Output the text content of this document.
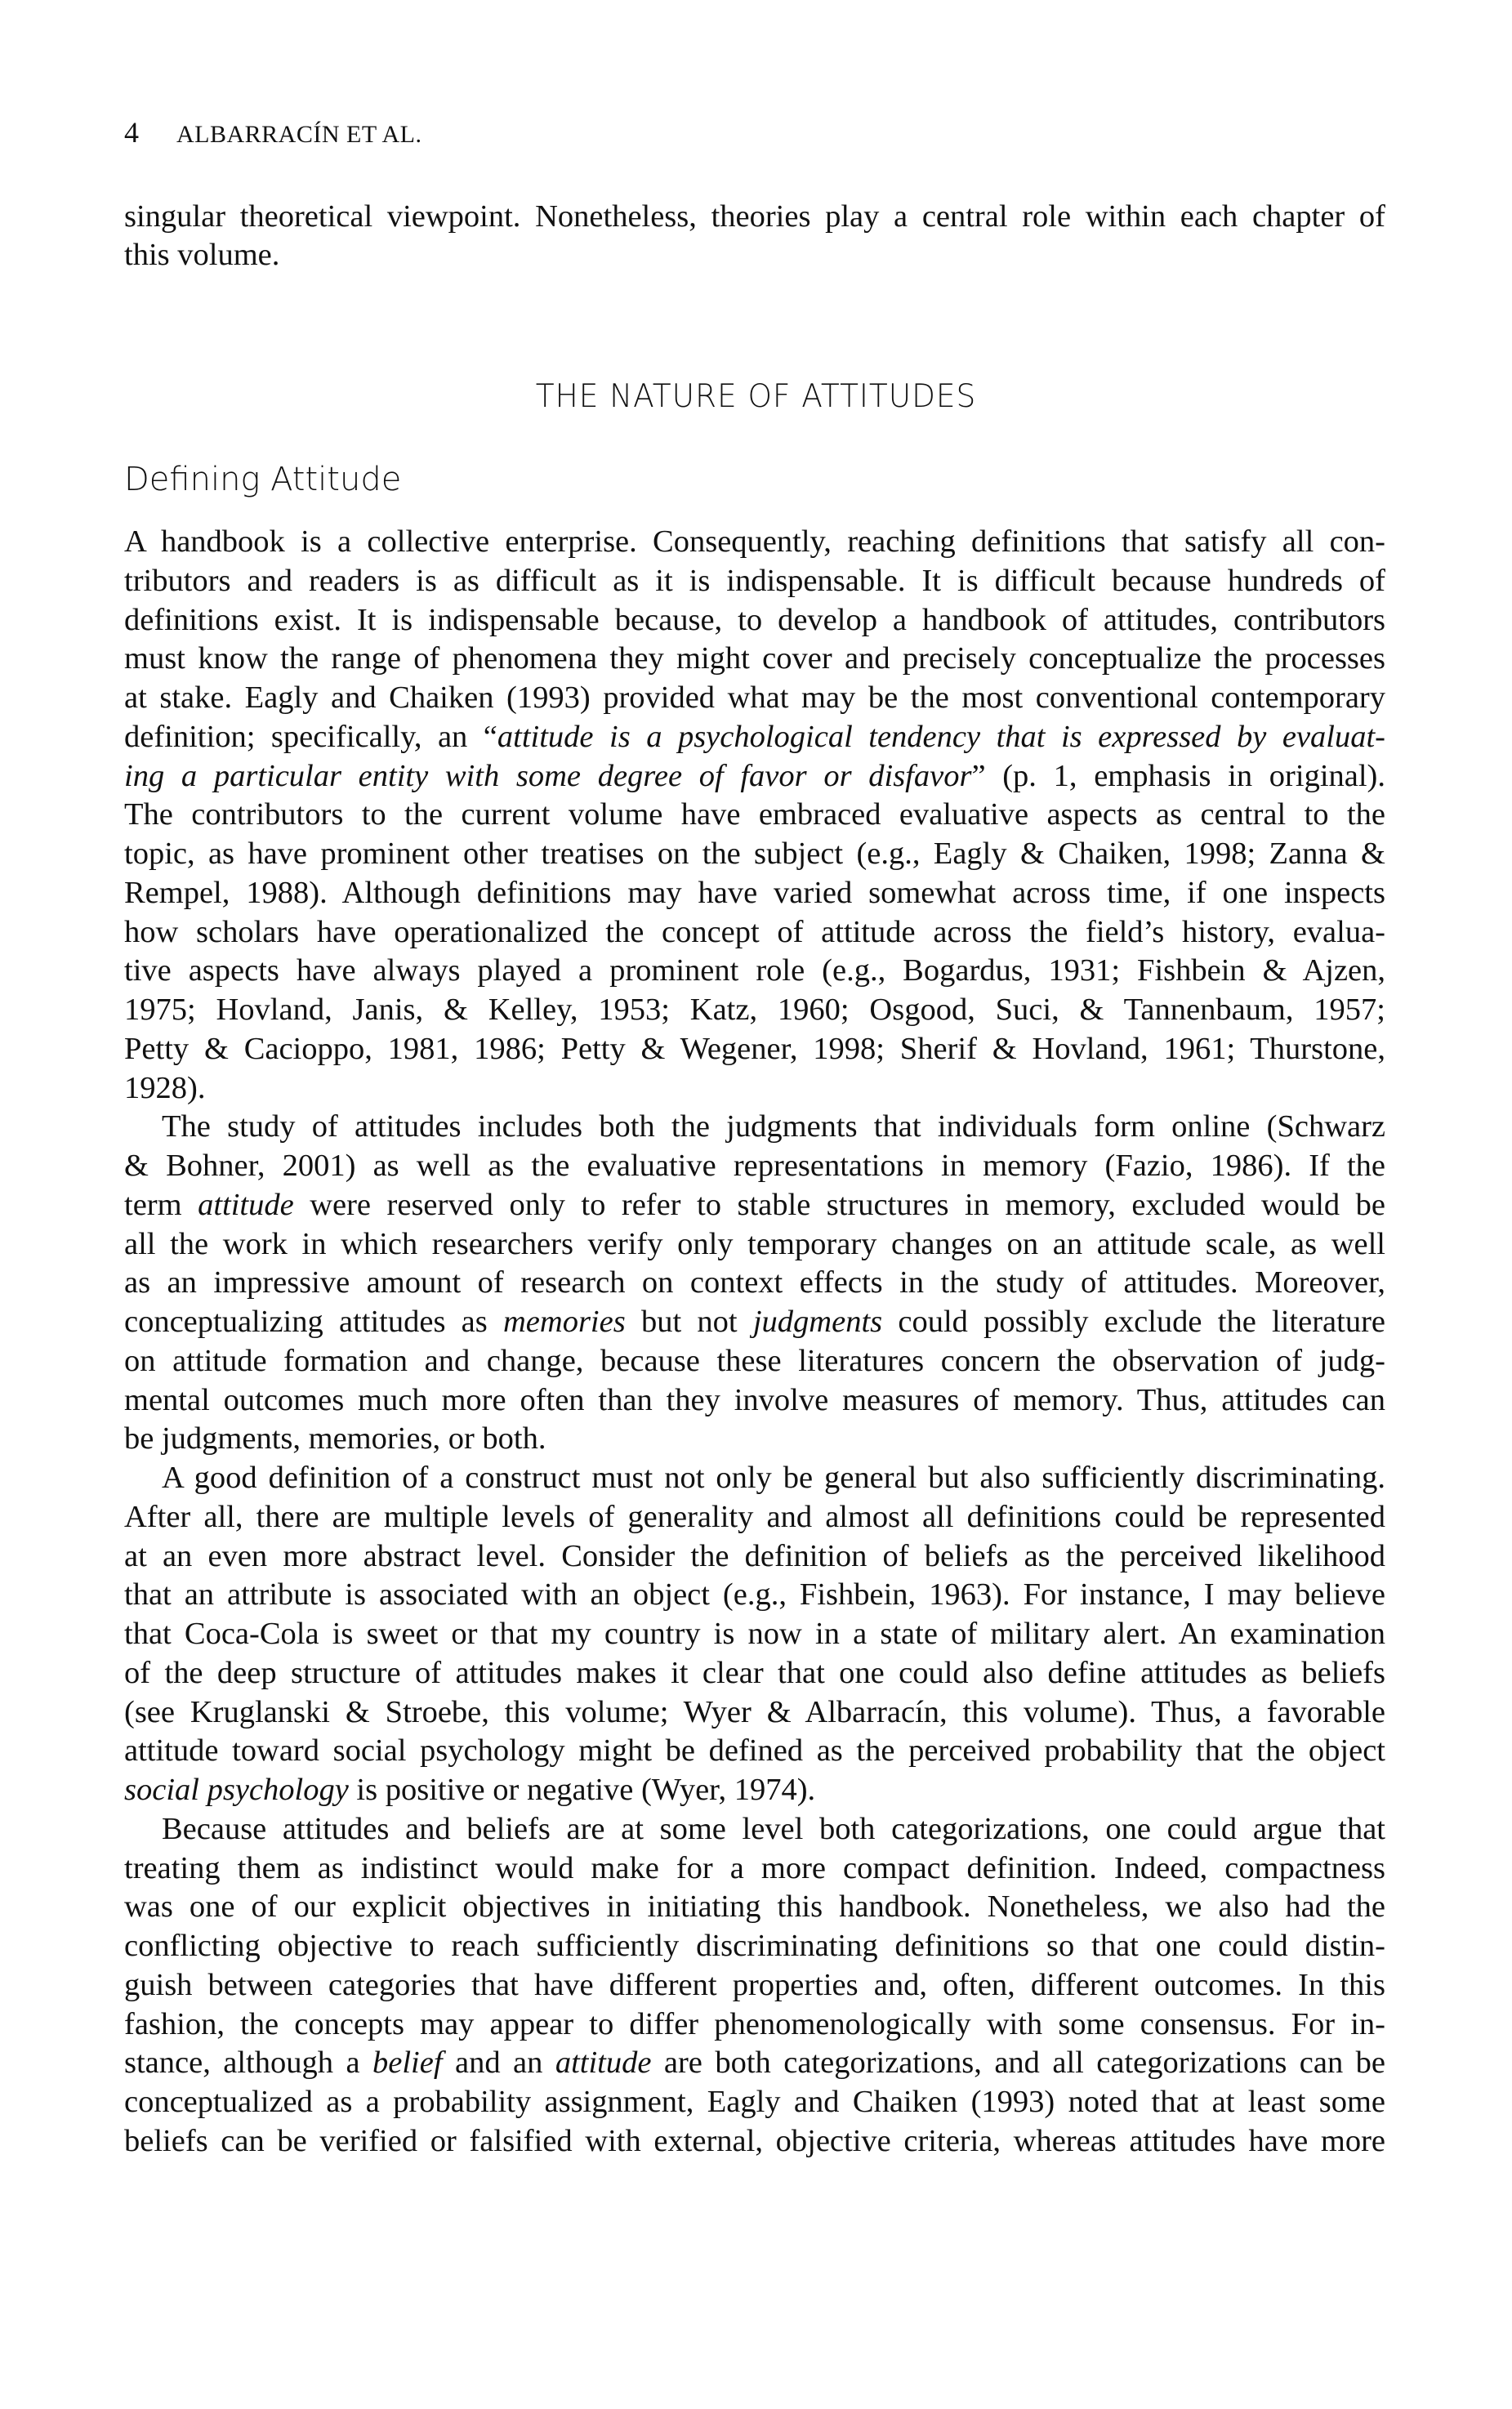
4 ALBARRACÍN ET AL.
singular theoretical viewpoint. Nonetheless, theories play a central role within each chapter of
this volume.
THE NATURE OF ATTITUDES
Defining Attitude
A handbook is a collective enterprise. Consequently, reaching definitions that satisfy all con-
tributors and readers is as difficult as it is indispensable. It is difficult because hundreds of
definitions exist. It is indispensable because, to develop a handbook of attitudes, contributors
must know the range of phenomena they might cover and precisely conceptualize the processes
at stake. Eagly and Chaiken (1993) provided what may be the most conventional contemporary
definition; specifically, an “attitude is a psychological tendency that is expressed by evaluat-
ing a particular entity with some degree of favor or disfavor” (p. 1, emphasis in original).
The contributors to the current volume have embraced evaluative aspects as central to the
topic, as have prominent other treatises on the subject (e.g., Eagly & Chaiken, 1998; Zanna &
Rempel, 1988). Although definitions may have varied somewhat across time, if one inspects
how scholars have operationalized the concept of attitude across the field’s history, evalua-
tive aspects have always played a prominent role (e.g., Bogardus, 1931; Fishbein & Ajzen,
1975; Hovland, Janis, & Kelley, 1953; Katz, 1960; Osgood, Suci, & Tannenbaum, 1957;
Petty & Cacioppo, 1981, 1986; Petty & Wegener, 1998; Sherif & Hovland, 1961; Thurstone,
1928).
The study of attitudes includes both the judgments that individuals form online (Schwarz
& Bohner, 2001) as well as the evaluative representations in memory (Fazio, 1986). If the
term attitude were reserved only to refer to stable structures in memory, excluded would be
all the work in which researchers verify only temporary changes on an attitude scale, as well
as an impressive amount of research on context effects in the study of attitudes. Moreover,
conceptualizing attitudes as memories but not judgments could possibly exclude the literature
on attitude formation and change, because these literatures concern the observation of judg-
mental outcomes much more often than they involve measures of memory. Thus, attitudes can
be judgments, memories, or both.
A good definition of a construct must not only be general but also sufficiently discriminating.
After all, there are multiple levels of generality and almost all definitions could be represented
at an even more abstract level. Consider the definition of beliefs as the perceived likelihood
that an attribute is associated with an object (e.g., Fishbein, 1963). For instance, I may believe
that Coca-Cola is sweet or that my country is now in a state of military alert. An examination
of the deep structure of attitudes makes it clear that one could also define attitudes as beliefs
(see Kruglanski & Stroebe, this volume; Wyer & Albarracín, this volume). Thus, a favorable
attitude toward social psychology might be defined as the perceived probability that the object
social psychology is positive or negative (Wyer, 1974).
Because attitudes and beliefs are at some level both categorizations, one could argue that
treating them as indistinct would make for a more compact definition. Indeed, compactness
was one of our explicit objectives in initiating this handbook. Nonetheless, we also had the
conflicting objective to reach sufficiently discriminating definitions so that one could distin-
guish between categories that have different properties and, often, different outcomes. In this
fashion, the concepts may appear to differ phenomenologically with some consensus. For in-
stance, although a belief and an attitude are both categorizations, and all categorizations can be
conceptualized as a probability assignment, Eagly and Chaiken (1993) noted that at least some
beliefs can be verified or falsified with external, objective criteria, whereas attitudes have more
